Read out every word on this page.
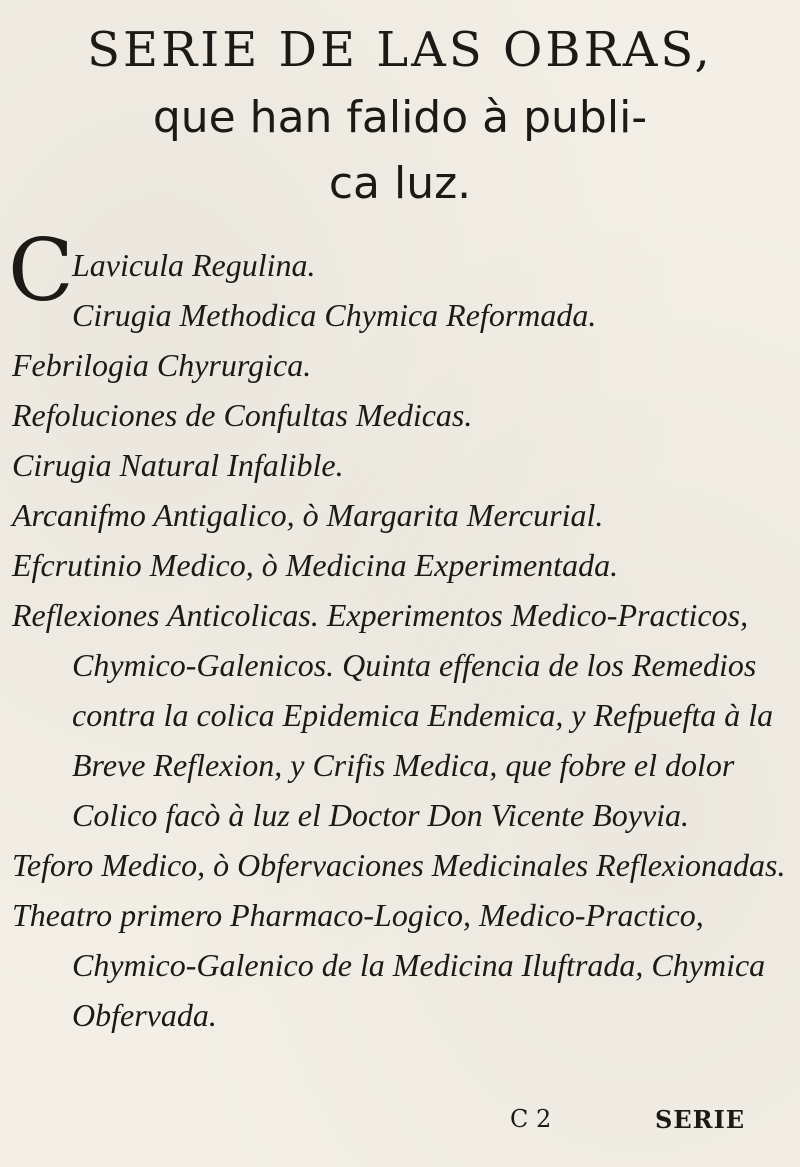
SERIE DE LAS OBRAS,
que han falido à publi-
ca luz.
C

Lavicula Regulina.

Cirugia Methodica Chymica Reformada.

Febrilogia Chyrurgica.

Refoluciones de Confultas Medicas.

Cirugia Natural Infalible.

Arcanifmo Antigalico, ò Margarita Mercurial.

Efcrutinio Medico, ò Medicina Experimentada.

Reflexiones Anticolicas. Experimentos Medico-Practicos, Chymico-Galenicos. Quinta effencia de los Remedios contra la colica Epidemica Endemica, y Refpuefta à la Breve Reflexion, y Crifis Medica, que fobre el dolor Colico facò à luz el Doctor Don Vicente Boyvia.

Teforo Medico, ò Obfervaciones Medicinales Reflexionadas.

Theatro primero Pharmaco-Logico, Medico-Practico, Chymico-Galenico de la Medicina Iluftrada, Chymica Obfervada.

C 2	SERIE
